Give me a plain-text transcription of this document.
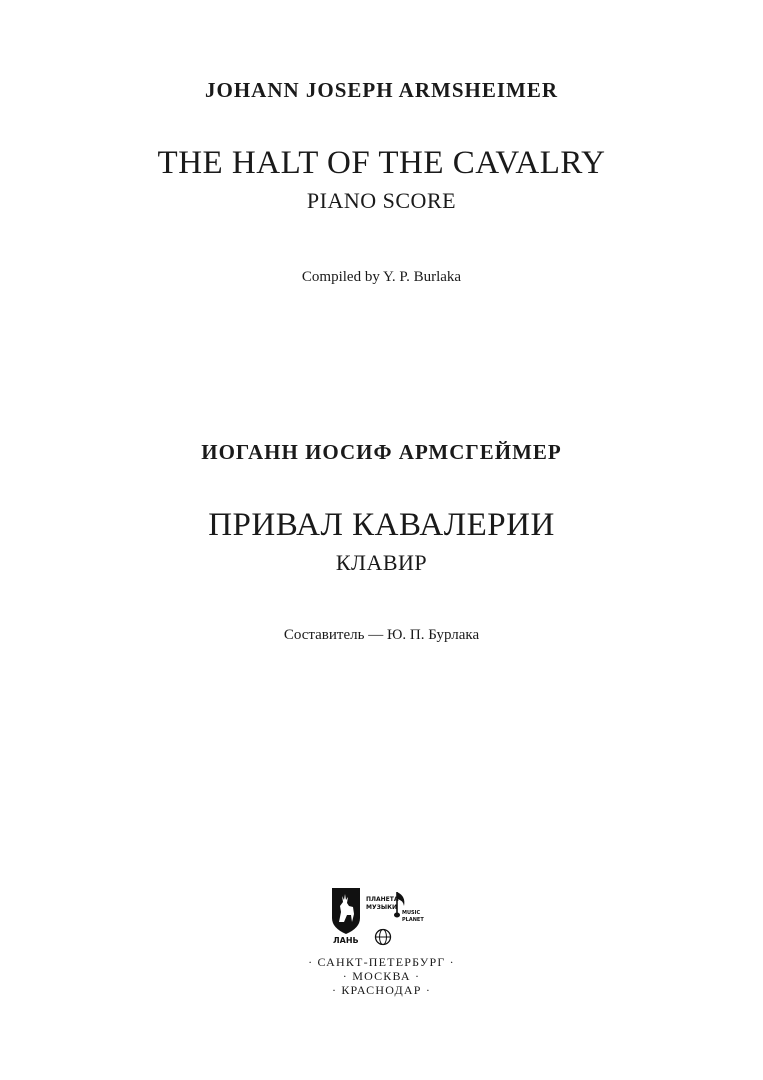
JOHANN JOSEPH ARMSHEIMER
THE HALT OF THE CAVALRY
PIANO SCORE
Compiled by Y. P. Burlaka
ИОГАНН ИОСИФ АРМСГЕЙМЕР
ПРИВАЛ КАВАЛЕРИИ
КЛАВИР
Составитель — Ю. П. Бурлака
ЛАНЬ
ПЛАНЕТА
МУЗЫКИ
MUSIC
PLANET
· САНКТ-ПЕТЕРБУРГ ·
· МОСКВА ·
· КРАСНОДАР ·
